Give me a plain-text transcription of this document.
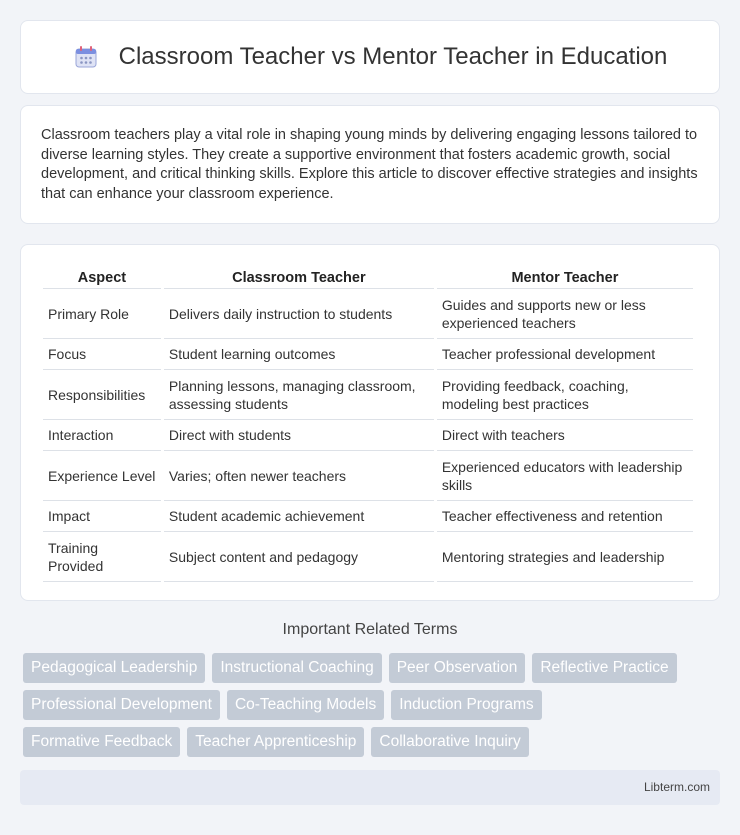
Classroom Teacher vs Mentor Teacher in Education

Classroom teachers play a vital role in shaping young minds by delivering engaging lessons tailored to diverse learning styles. They create a supportive environment that fosters academic growth, social development, and critical thinking skills. Explore this article to discover effective strategies and insights that can enhance your classroom experience.

Aspect	Classroom Teacher	Mentor Teacher
Primary Role	Delivers daily instruction to students	Guides and supports new or less experienced teachers
Focus	Student learning outcomes	Teacher professional development
Responsibilities	Planning lessons, managing classroom, assessing students	Providing feedback, coaching, modeling best practices
Interaction	Direct with students	Direct with teachers
Experience Level	Varies; often newer teachers	Experienced educators with leadership skills
Impact	Student academic achievement	Teacher effectiveness and retention
Training Provided	Subject content and pedagogy	Mentoring strategies and leadership
Important Related Terms
Pedagogical Leadership	Instructional Coaching	Peer Observation	Reflective Practice
Professional Development	Co-Teaching Models	Induction Programs
Formative Feedback	Teacher Apprenticeship	Collaborative Inquiry
Libterm.com
